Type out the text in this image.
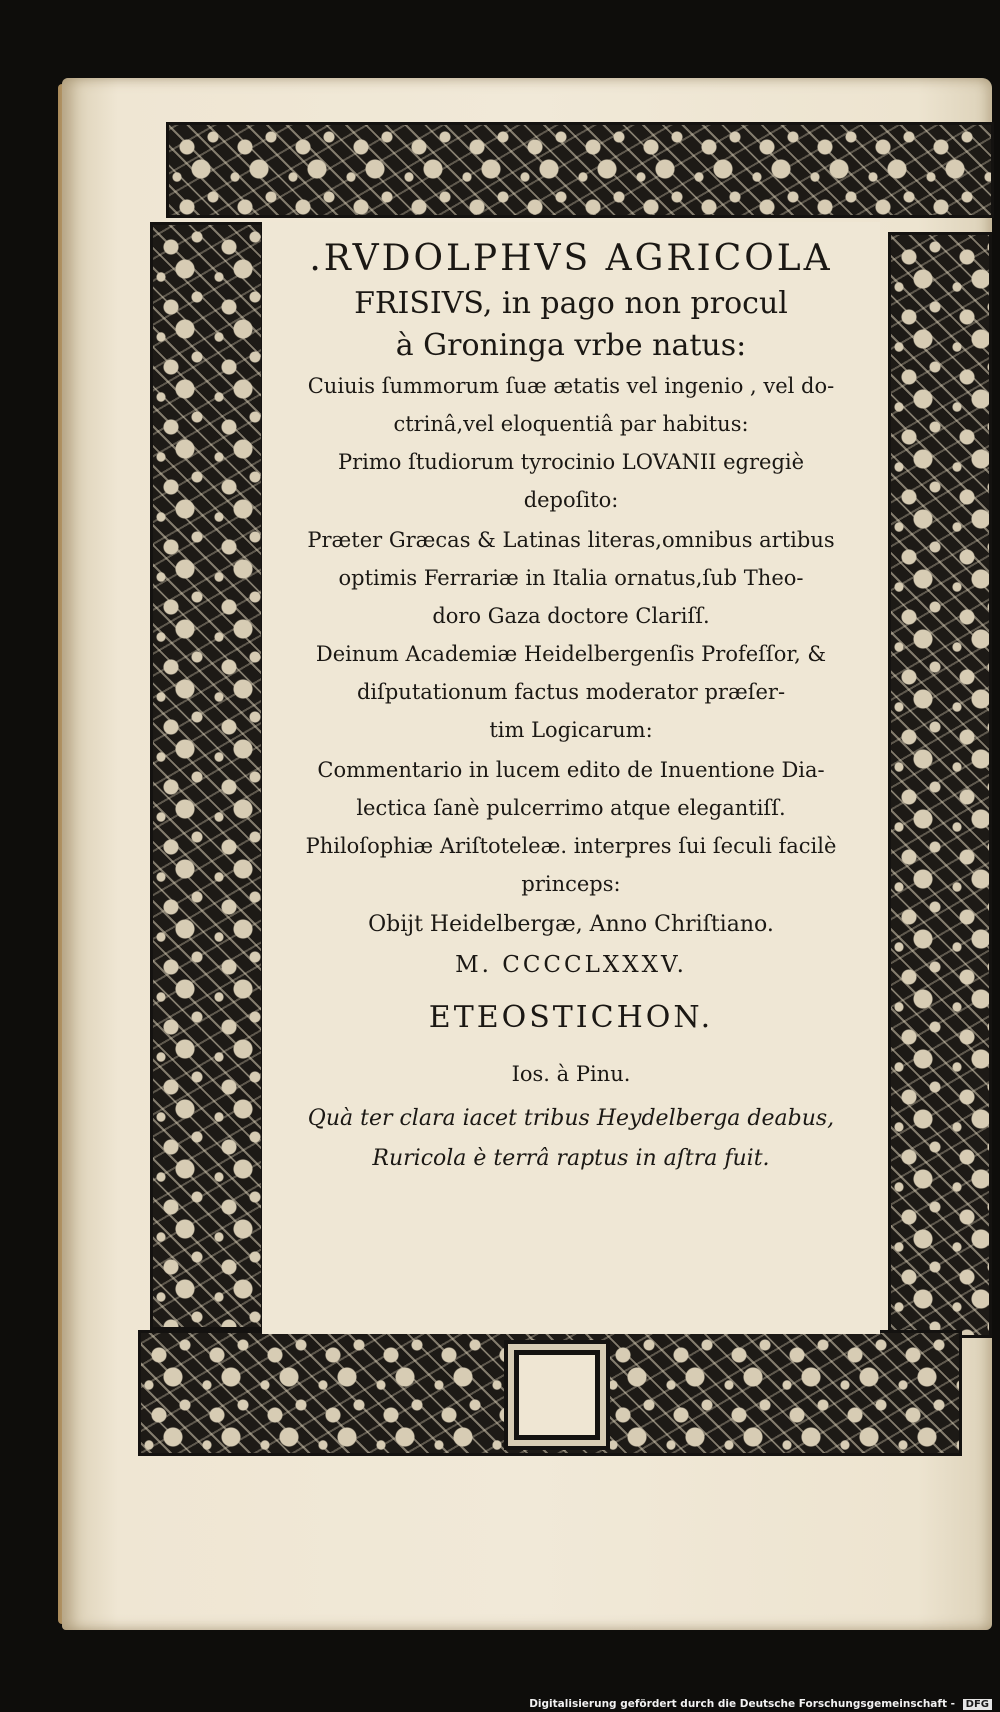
.RVDOLPHVS AGRICOLA

FRISIVS, in pago non procul

à Groninga vrbe natus:

Cuiuis ſummorum ſuæ ætatis vel ingenio , vel do-

ctrinâ,vel eloquentiâ par habitus:

Primo ſtudiorum tyrocinio LOVANII egregiè

depoſito:

Præter Græcas & Latinas literas,omnibus artibus

optimis Ferrariæ in Italia ornatus,ſub Theo-

doro Gaza doctore Clariſſ.

Deinum Academiæ Heidelbergenſis Profeſſor, &

diſputationum factus moderator præſer-

tim Logicarum:

Commentario in lucem edito de Inuentione Dia-

lectica ſanè pulcerrimo atque elegantiſſ.

Philoſophiæ Ariſtoteleæ. interpres ſui ſeculi facilè

princeps:

Obijt Heidelbergæ, Anno Chriſtiano.

M. CCCCLXXXV.

ETEOSTICHON.

Ios. à Pinu.

Quà ter clara iacet tribus Heydelberga deabus,

Ruricola è terrâ raptus in aſtra fuit.

Digitalisierung gefördert durch die Deutsche Forschungsgemeinschaft - DFG
